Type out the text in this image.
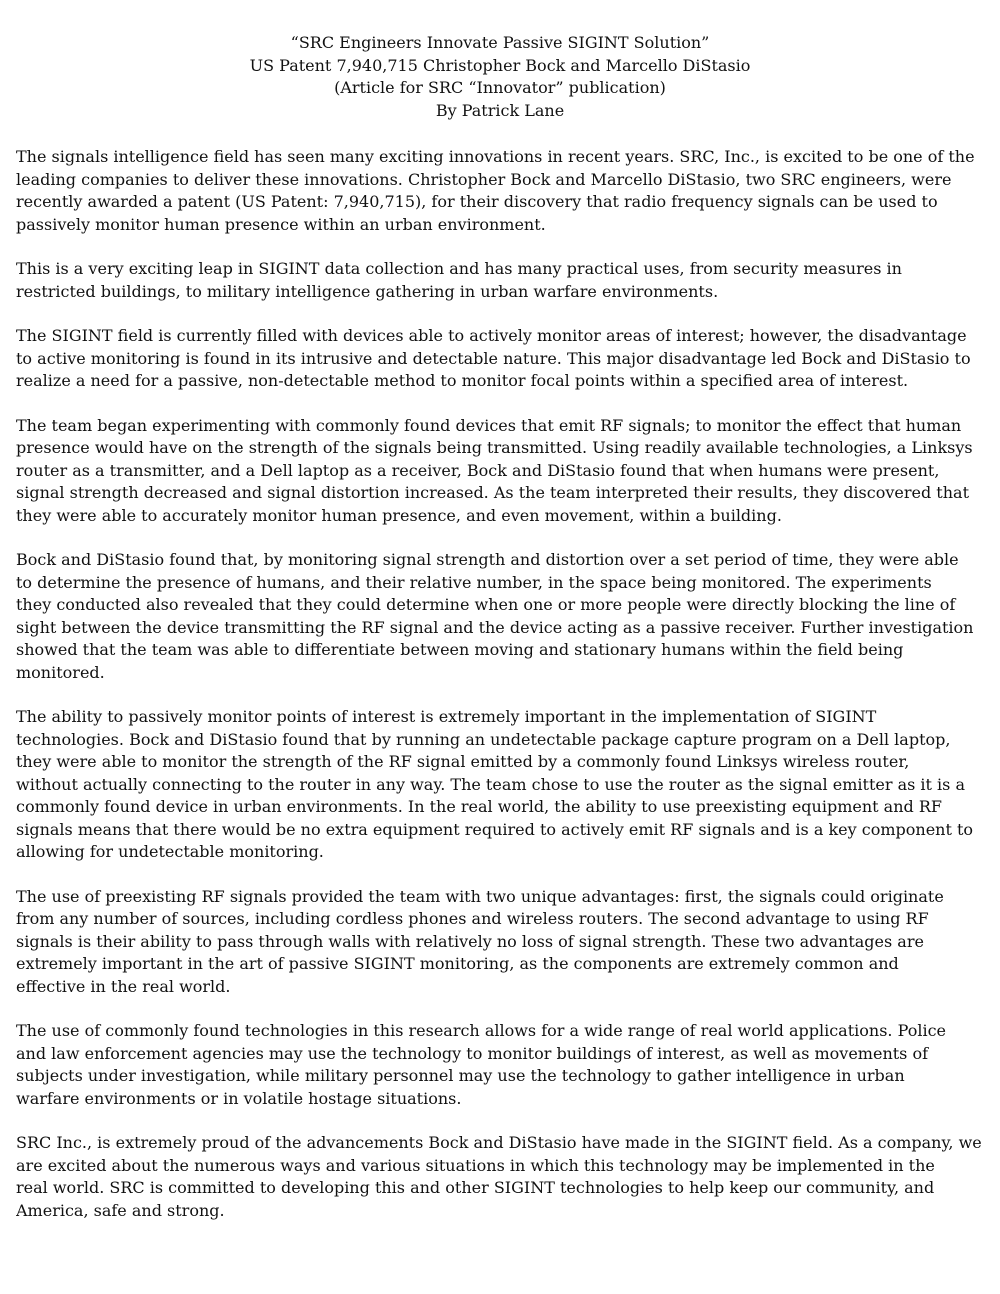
“SRC Engineers Innovate Passive SIGINT Solution”
US Patent 7,940,715 Christopher Bock and Marcello DiStasio
(Article for SRC “Innovator” publication)
By Patrick Lane
The signals intelligence field has seen many exciting innovations in recent years. SRC, Inc., is excited to be one of the
leading companies to deliver these innovations. Christopher Bock and Marcello DiStasio, two SRC engineers, were
recently awarded a patent (US Patent: 7,940,715), for their discovery that radio frequency signals can be used to
passively monitor human presence within an urban environment.
This is a very exciting leap in SIGINT data collection and has many practical uses, from security measures in
restricted buildings, to military intelligence gathering in urban warfare environments.
The SIGINT field is currently filled with devices able to actively monitor areas of interest; however, the disadvantage
to active monitoring is found in its intrusive and detectable nature. This major disadvantage led Bock and DiStasio to
realize a need for a passive, non-detectable method to monitor focal points within a specified area of interest.
The team began experimenting with commonly found devices that emit RF signals; to monitor the effect that human
presence would have on the strength of the signals being transmitted. Using readily available technologies, a Linksys
router as a transmitter, and a Dell laptop as a receiver, Bock and DiStasio found that when humans were present,
signal strength decreased and signal distortion increased. As the team interpreted their results, they discovered that
they were able to accurately monitor human presence, and even movement, within a building.
Bock and DiStasio found that, by monitoring signal strength and distortion over a set period of time, they were able
to determine the presence of humans, and their relative number, in the space being monitored. The experiments
they conducted also revealed that they could determine when one or more people were directly blocking the line of
sight between the device transmitting the RF signal and the device acting as a passive receiver. Further investigation
showed that the team was able to differentiate between moving and stationary humans within the field being
monitored.
The ability to passively monitor points of interest is extremely important in the implementation of SIGINT
technologies. Bock and DiStasio found that by running an undetectable package capture program on a Dell laptop,
they were able to monitor the strength of the RF signal emitted by a commonly found Linksys wireless router,
without actually connecting to the router in any way. The team chose to use the router as the signal emitter as it is a
commonly found device in urban environments. In the real world, the ability to use preexisting equipment and RF
signals means that there would be no extra equipment required to actively emit RF signals and is a key component to
allowing for undetectable monitoring.
The use of preexisting RF signals provided the team with two unique advantages: first, the signals could originate
from any number of sources, including cordless phones and wireless routers. The second advantage to using RF
signals is their ability to pass through walls with relatively no loss of signal strength. These two advantages are
extremely important in the art of passive SIGINT monitoring, as the components are extremely common and
effective in the real world.
The use of commonly found technologies in this research allows for a wide range of real world applications. Police
and law enforcement agencies may use the technology to monitor buildings of interest, as well as movements of
subjects under investigation, while military personnel may use the technology to gather intelligence in urban
warfare environments or in volatile hostage situations.
SRC Inc., is extremely proud of the advancements Bock and DiStasio have made in the SIGINT field. As a company, we
are excited about the numerous ways and various situations in which this technology may be implemented in the
real world. SRC is committed to developing this and other SIGINT technologies to help keep our community, and
America, safe and strong.
